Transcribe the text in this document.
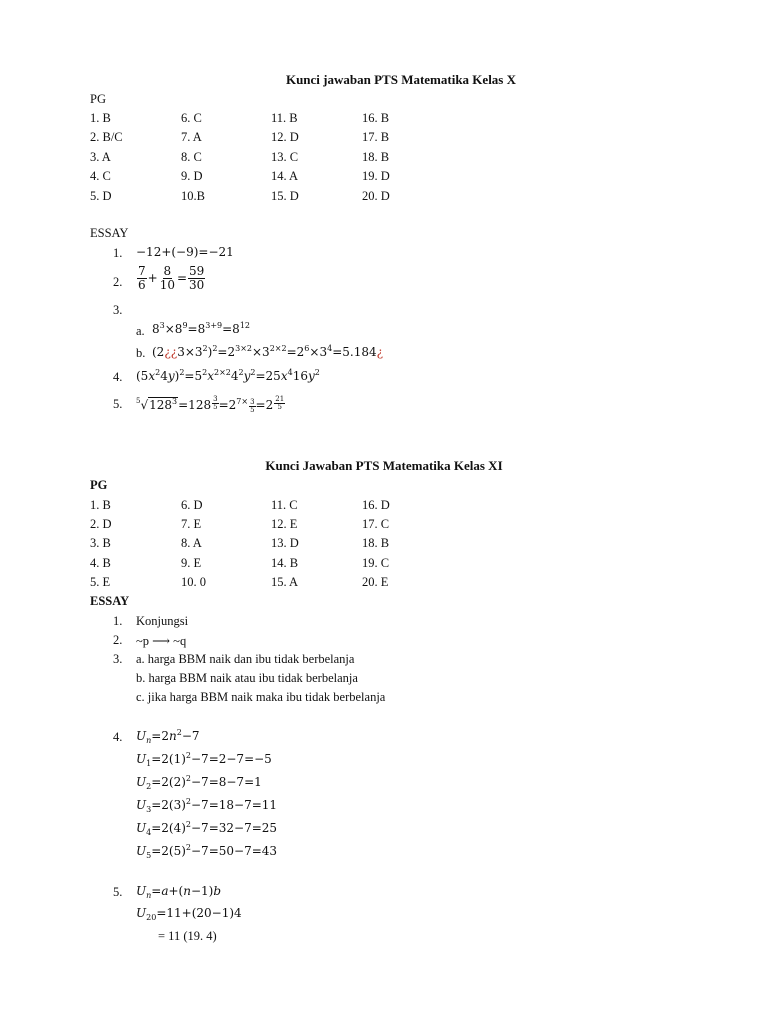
Kunci jawaban PTS Matematika Kelas X
PG
1. B
2. B/C
3. A
4. C
5. D
6. C
7. A
8. C
9. D
10.B
11. B
12. D
13. C
14. A
15. D
16. B
17. B
18. B
19. D
20. D
ESSAY
1. −12+(−9)=−21
2. $\frac{7}{6} + \frac{8}{10} = \frac{59}{30}$
3.
a. $8^3\times 8^9=8^{3+9}=8^{12}$
b. $(2¿¿3\times 3^2)^2=2^{3\times 2}\times 3^{2\times 2}=2^6\times 3^4=5.184¿$
4. $(5x^24y)^2=5^2x^{2\times 2}4^2y^2=25x^416y^2$
5. $^5√128^3=128 \frac{3}{5} =2^{7\times \frac{3}{5}} =2 \frac{21}{5}$
Kunci Jawaban PTS Matematika Kelas XI
PG
1. B
2. D
3. B
4. B
5. E
6. D
7. E
8. A
9. E
10. 0
11. C
12. E
13. D
14. B
15. A
16. D
17. C
18. B
19. C
20. E
ESSAY
1. Konjungsi
2. ~p ⟶ ~q
3. a. harga BBM naik dan ibu tidak berbelanja
b. harga BBM naik atau ibu tidak berbelanja
c. jika harga BBM naik maka ibu tidak berbelanja
4. $U_n=2n^2-7$
$U_1=2(1)^2-7=2-7=-5$
$U_2=2(2)^2-7=8-7=1$
$U_3=2(3)^2-7=18-7=11$
$U_4=2(4)^2-7=32-7=25$
$U_5=2(5)^2-7=50-7=43$
5. $U_n=a+(n-1)b$
$U_{20}=11+(20-1)4$
= 11 (19. 4)
